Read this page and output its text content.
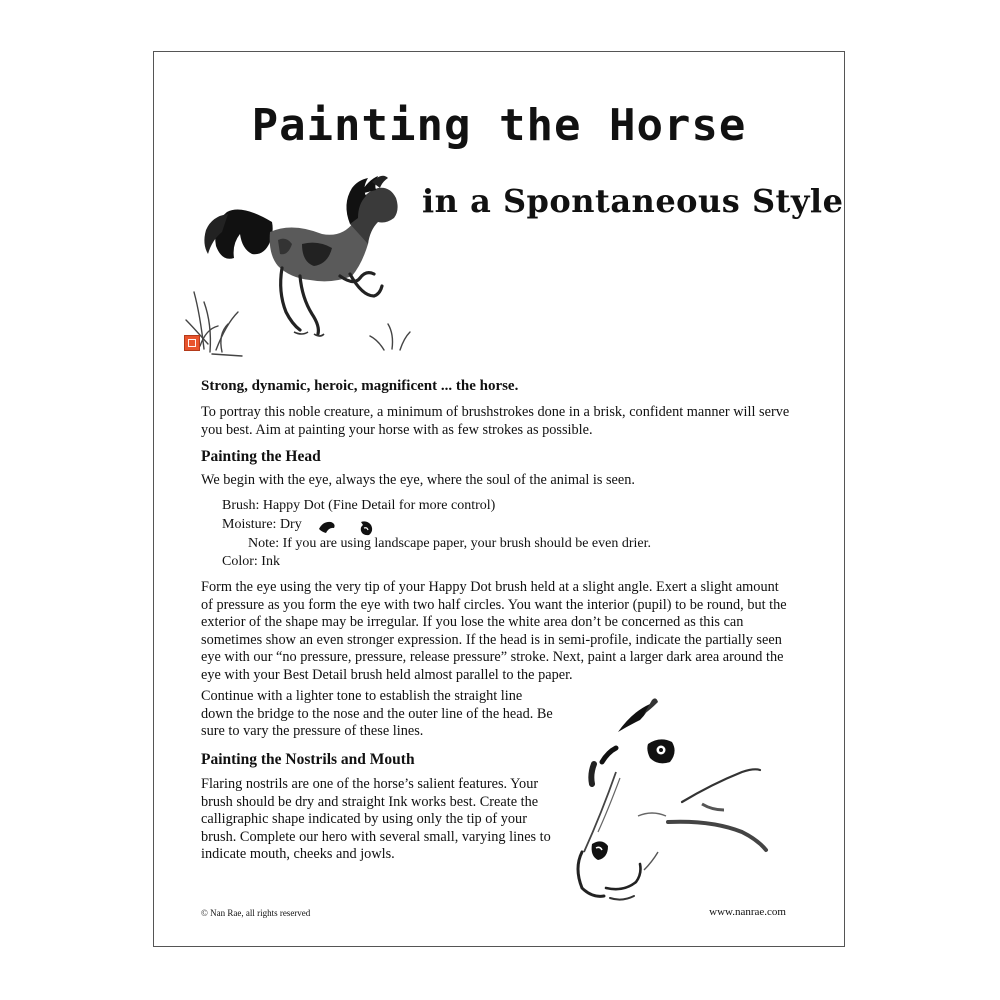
Painting the Horse
in a Spontaneous Style
Strong, dynamic, heroic, magnificent ... the horse.

To portray this noble creature, a minimum of brushstrokes done in a brisk, confident manner will serve you best. Aim at painting your horse with as few strokes as possible.

Painting the Head

We begin with the eye, always the eye, where the soul of the animal is seen.

Brush: Happy Dot (Fine Detail for more control)

Moisture: Dry

Note: If you are using landscape paper, your brush should be even drier.

Color: Ink

Form the eye using the very tip of your Happy Dot brush held at a slight angle. Exert a slight amount of pressure as you form the eye with two half circles. You want the interior (pupil) to be round, but the exterior of the shape may be irregular. If you lose the white area don’t be concerned as this can sometimes show an even stronger expression. If the head is in semi-profile, indicate the partially seen eye with our “no pressure, pressure, release pressure” stroke. Next, paint a larger dark area around the eye with your Best Detail brush held almost parallel to the paper.

Continue with a lighter tone to establish the straight line down the bridge to the nose and the outer line of the head. Be sure to vary the pressure of these lines.

Painting the Nostrils and Mouth

Flaring nostrils are one of the horse’s salient features. Your brush should be dry and straight Ink works best. Create the calligraphic shape indicated by using only the tip of your brush. Complete our hero with several small, varying lines to indicate mouth, cheeks and jowls.

© Nan Rae, all rights reserved	www.nanrae.com
